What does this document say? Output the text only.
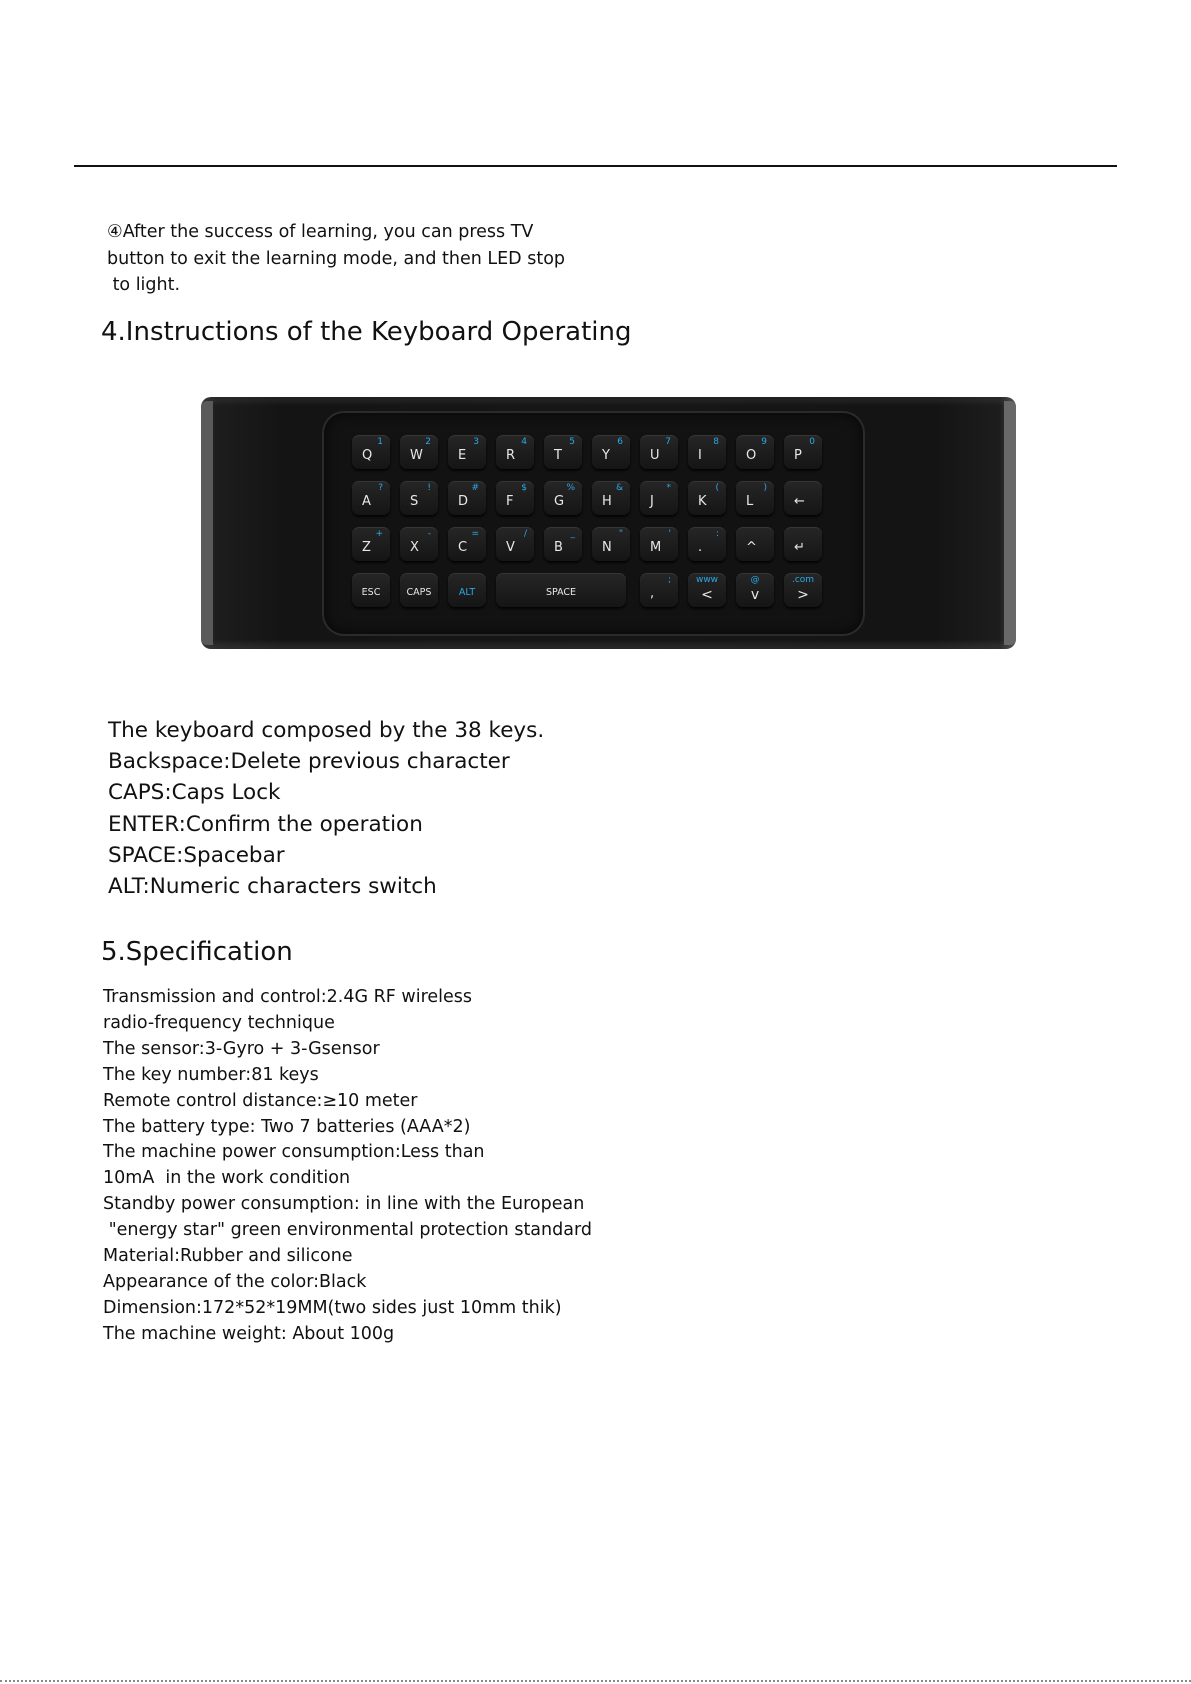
④After the success of learning, you can press TV
button to exit the learning mode, and then LED stop
to light.
4.Instructions of the Keyboard Operating
Q
1
W
2
E
3
R
4
T
5
Y
6
U
7
I
8
O
9
P
0
A
?
S
!
D
#
F
$
G
%
H
&
J
*
K
(
L
)
←
Z
+
X
-
C
=
V
/
B
_
N
"
M
'
.
:
^	↵
ESC	CAPS	ALT	SPACE	,
;	www
<
@
v
.com
>
The keyboard composed by the 38 keys.
Backspace:Delete previous character
CAPS:Caps Lock
ENTER:Confirm the operation
SPACE:Spacebar
ALT:Numeric characters switch
5.Specification
Transmission and control:2.4G RF wireless
radio-frequency technique
The sensor:3-Gyro + 3-Gsensor
The key number:81 keys
Remote control distance:≥10 meter
The battery type: Two 7 batteries (AAA*2)
The machine power consumption:Less than
10mA  in the work condition
Standby power consumption: in line with the European
"energy star" green environmental protection standard
Material:Rubber and silicone
Appearance of the color:Black
Dimension:172*52*19MM(two sides just 10mm thik)
The machine weight: About 100g
